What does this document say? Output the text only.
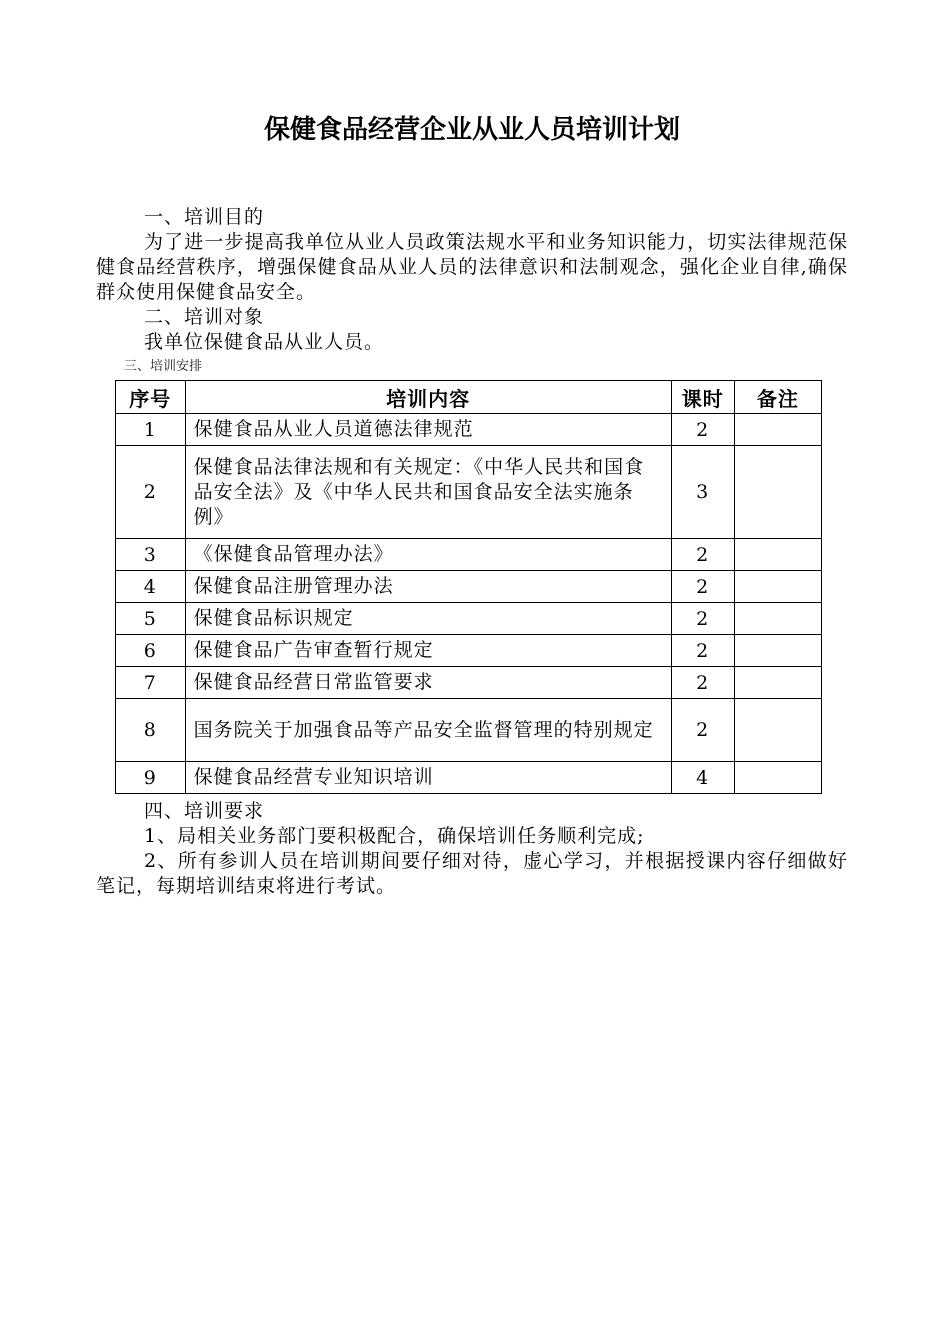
保健食品经营企业从业人员培训计划
一、培训目的
为了进一步提高我单位从业人员政策法规水平和业务知识能力，切实法律规范保健食品经营秩序，增强保健食品从业人员的法律意识和法制观念，强化企业自律,确保群众使用保健食品安全。
二、培训对象
我单位保健食品从业人员。
三、培训安排
序号	培训内容	课时	备注
1	保健食品从业人员道德法律规范	2	
2	保健食品法律法规和有关规定：《中华人民共和国食品安全法》及《中华人民共和国食品安全法实施条例》	3	
3	《保健食品管理办法》	2	
4	保健食品注册管理办法	2	
5	保健食品标识规定	2	
6	保健食品广告审查暂行规定	2	
7	保健食品经营日常监管要求	2	
8	国务院关于加强食品等产品安全监督管理的特别规定	2	
9	保健食品经营专业知识培训	4	
四、培训要求
1、局相关业务部门要积极配合，确保培训任务顺利完成;
2、所有参训人员在培训期间要仔细对待，虚心学习，并根据授课内容仔细做好笔记，每期培训结束将进行考试。
